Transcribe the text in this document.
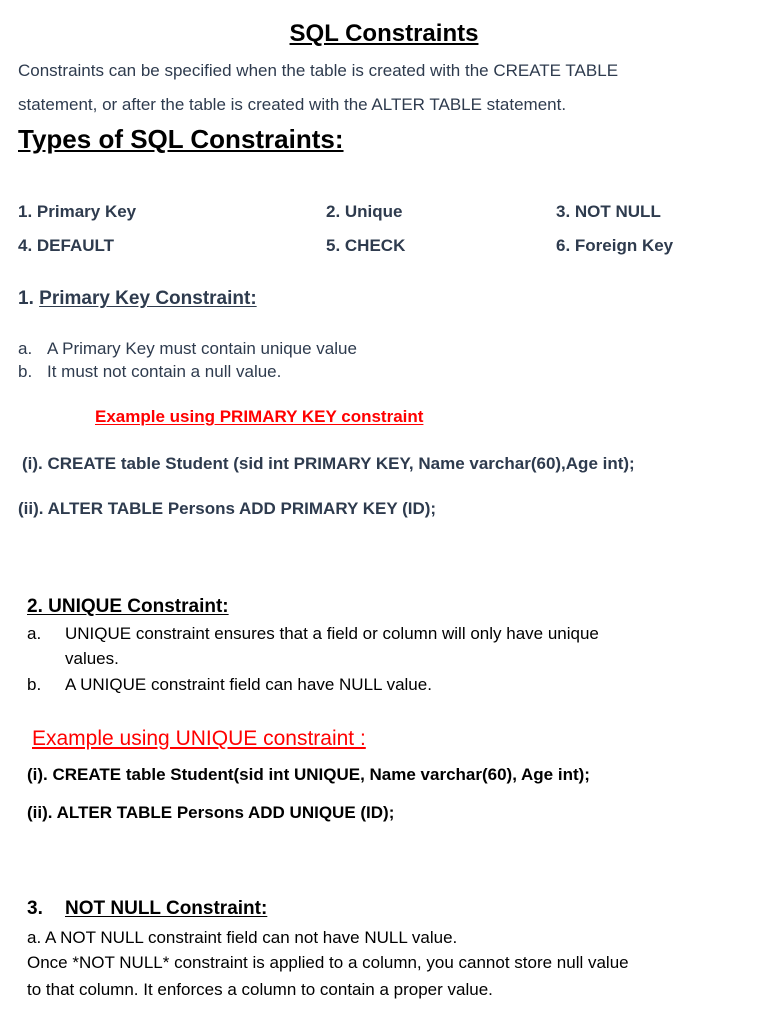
SQL Constraints
Constraints can be specified when the table is created with the CREATE TABLE
statement, or after the table is created with the ALTER TABLE statement.
Types of SQL Constraints:
1. Primary Key	2. Unique	3. NOT NULL
4. DEFAULT	5. CHECK	6. Foreign Key
1. Primary Key Constraint:
a. A Primary Key must contain unique value
b. It must not contain a null value.
Example using PRIMARY KEY constraint
(i). CREATE table Student (sid int PRIMARY KEY, Name varchar(60),Age int);
(ii). ALTER TABLE Persons ADD PRIMARY KEY (ID);
2. UNIQUE Constraint:
a. UNIQUE constraint ensures that a field or column will only have unique
values.
b. A UNIQUE constraint field can have NULL value.
Example using UNIQUE constraint :
(i). CREATE table Student(sid int UNIQUE, Name varchar(60), Age int);
(ii). ALTER TABLE Persons ADD UNIQUE (ID);
3. NOT NULL Constraint:
a. A NOT NULL constraint field can not have NULL value.
Once *NOT NULL* constraint is applied to a column, you cannot store null value
to that column. It enforces a column to contain a proper value.
